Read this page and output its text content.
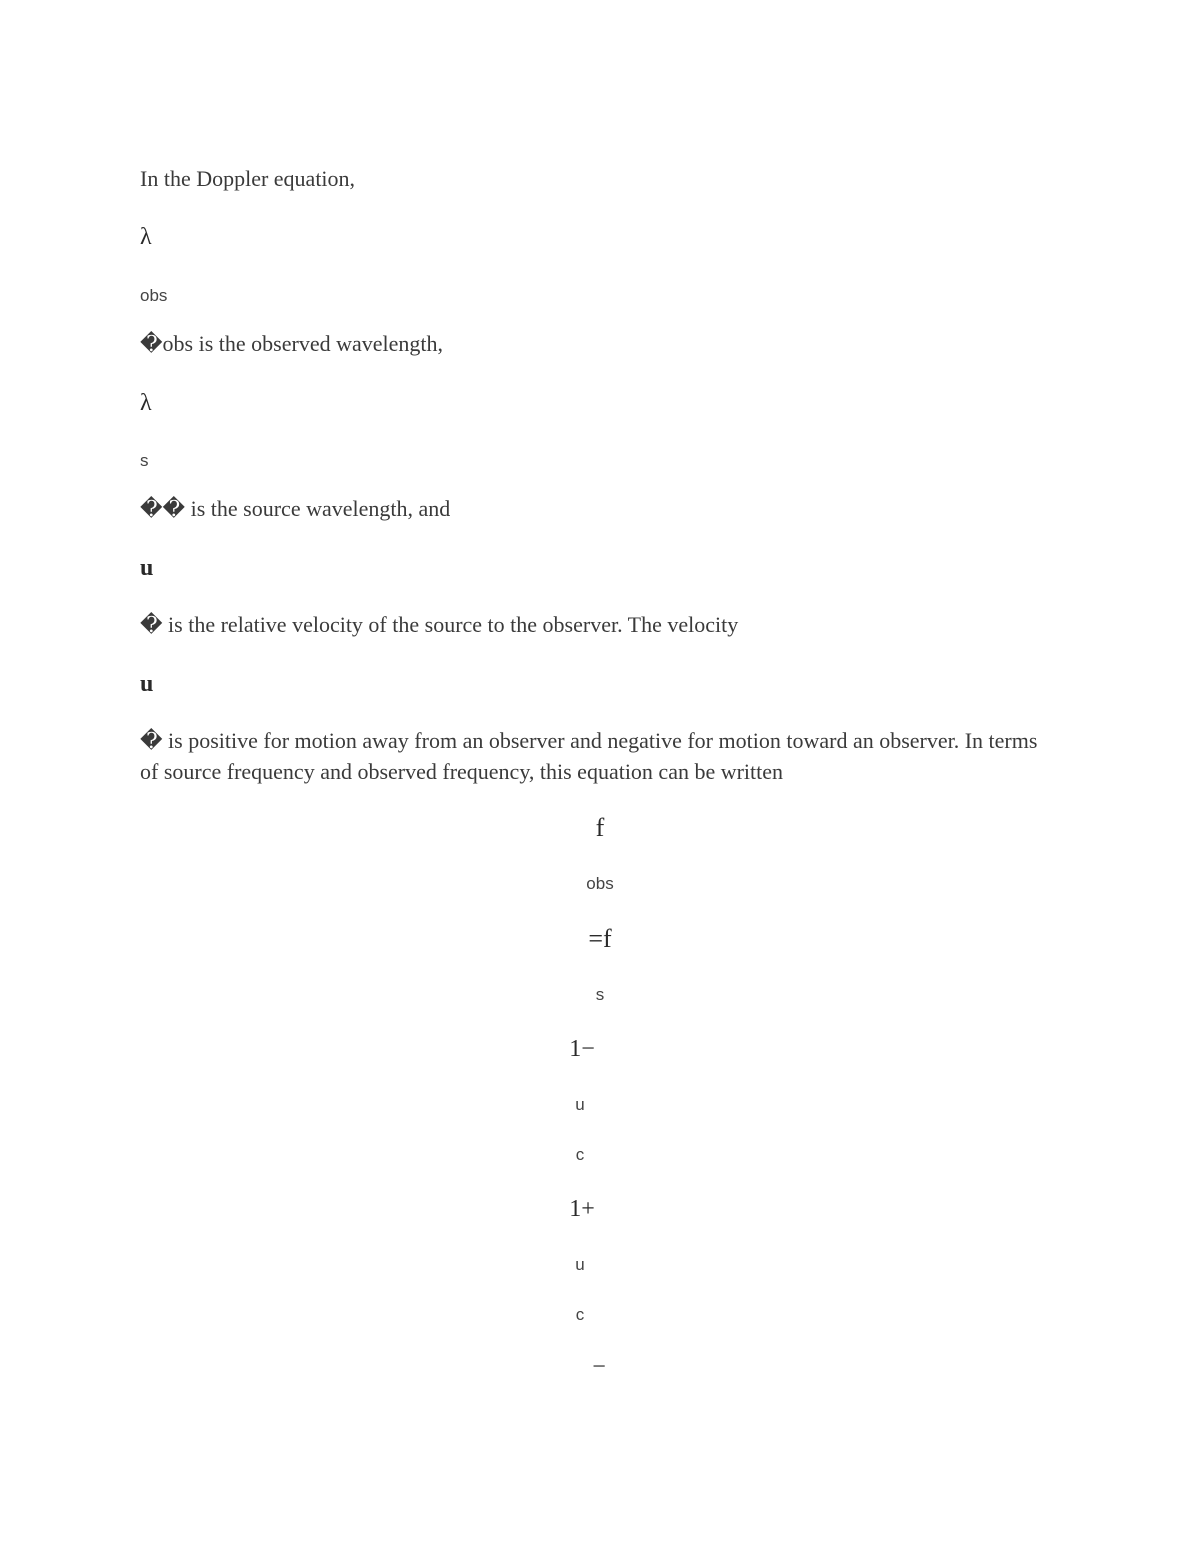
In the Doppler equation,
λ
obs
�obs is the observed wavelength,
λ
s
�� is the source wavelength, and
u
� is the relative velocity of the source to the observer. The velocity
u
� is positive for motion away from an observer and negative for motion toward an observer. In terms of source frequency and observed frequency, this equation can be written
f
obs
=f
s
1−
u
c
1+
u
c
−
